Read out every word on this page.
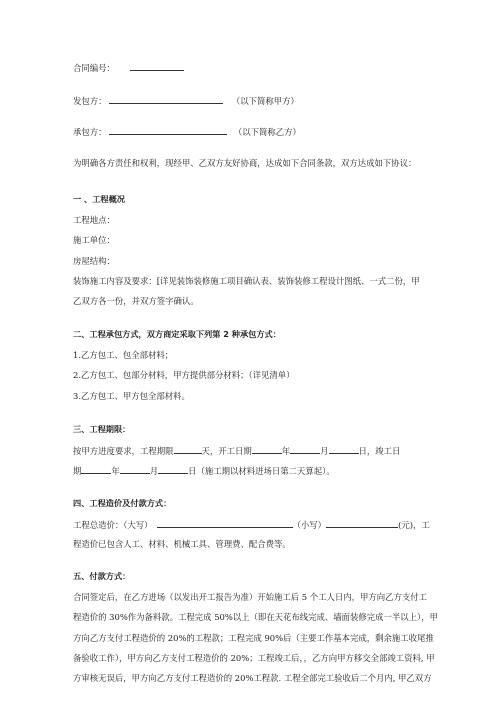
合同编号：
发包方：	（以下简称甲方）
承包方：	（以下简称乙方）
为明确各方责任和权利，现经甲、乙双方友好协商，达成如下合同条款，双方达成如下协议：
一 、工程概况
工程地点：
施工单位：
房屋结构：
装饰施工内容及要求：[详见装饰装修施工项目确认表、装饰装修工程设计图纸、一式二份，甲
乙双方各一份，并双方签字确认。
二、工程承包方式，双方商定采取下列第 2 种承包方式：
1.乙方包工、包全部材料；
2.乙方包工、包部分材料，甲方提供部分材料；（详见清单）
3.乙方包工、甲方包全部材料。
三、工程期限：
按甲方进度要求，工程期限	天，开工日期	年	月	日，竣工日
期	年	月	日（施工期以材料进场日第二天算起）。
四、工程造价及付款方式：
工程总造价：（大写）	（小写）	(元)，工
程造价已包含人工、材料、机械工具、管理费、配合费等。
五、付款方式：
合同签定后，在乙方进场（以发出开工报告为准）开始施工后 5 个工人日内，甲方向乙方支付工
程造价的 30%作为备料款。工程完成 50%以上（即在天花布线完成、墙面装修完成一半以上），甲
方向乙方支付工程造价的 20%的工程款；工程完成 90%后（主要工作基本完成，剩余施工收尾推
备验收工作），甲方向乙方支付工程造价的 20%；工程竣工后，，乙方向甲方移交全部竣工资料, 甲
方审核无误后，甲方向乙方支付工程造价的 20%工程款. 工程全部完工验收后二个月内, 甲乙双方
